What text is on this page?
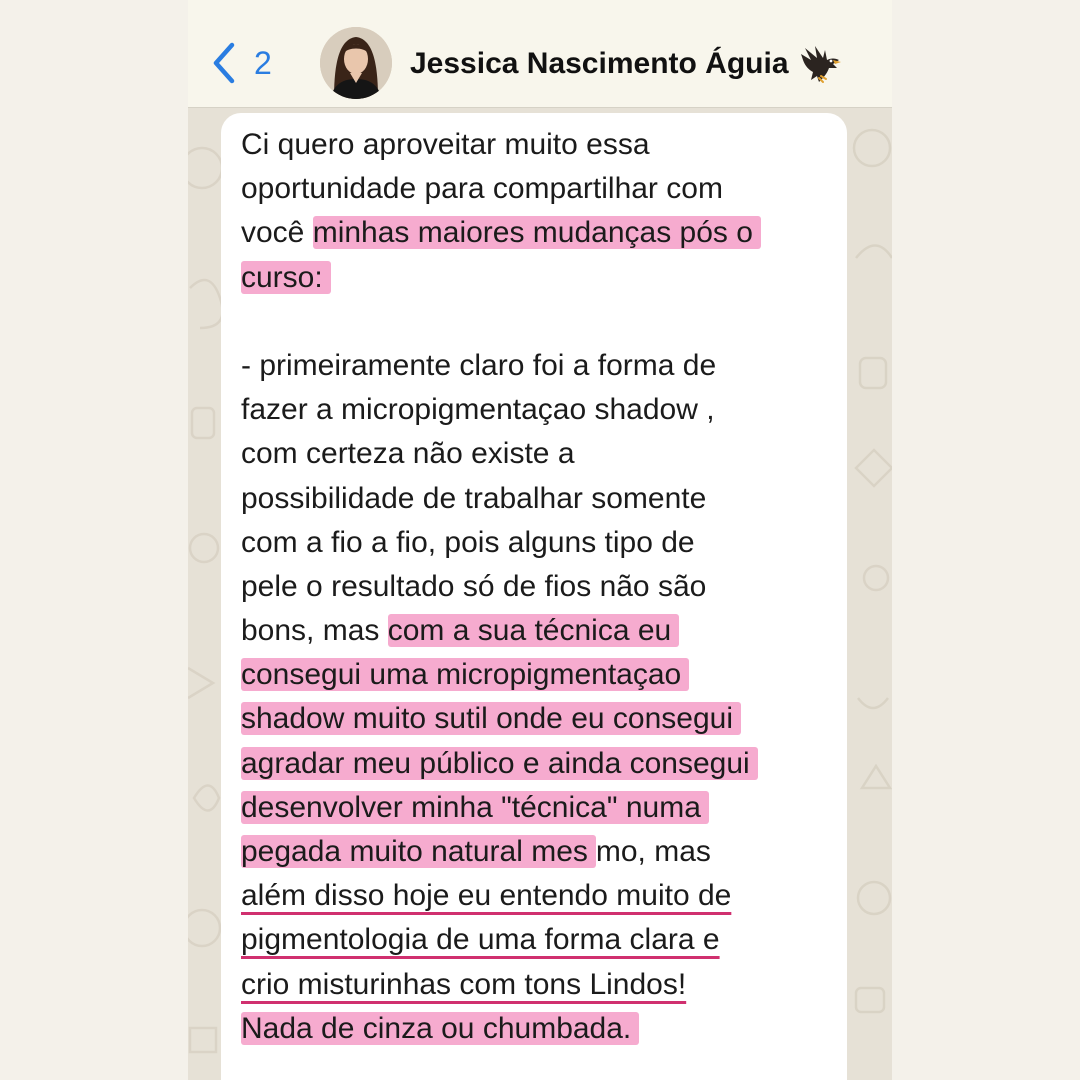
2	Jessica Nascimento Águia

Ci quero aproveitar muito essa
oportunidade para compartilhar com
você minhas maiores mudanças pós o
curso:
- primeiramente claro foi a forma de
fazer a micropigmentaçao shadow ,
com certeza não existe a
possibilidade de trabalhar somente
com a fio a fio, pois alguns tipo de
pele o resultado só de fios não são
bons, mas com a sua técnica eu
consegui uma micropigmentaçao
shadow muito sutil onde eu consegui
agradar meu público e ainda consegui
desenvolver minha "técnica" numa
pegada muito natural mes mo, mas
além disso hoje eu entendo muito de
pigmentologia de uma forma clara e
crio misturinhas com tons Lindos!
Nada de cinza ou chumbada.
